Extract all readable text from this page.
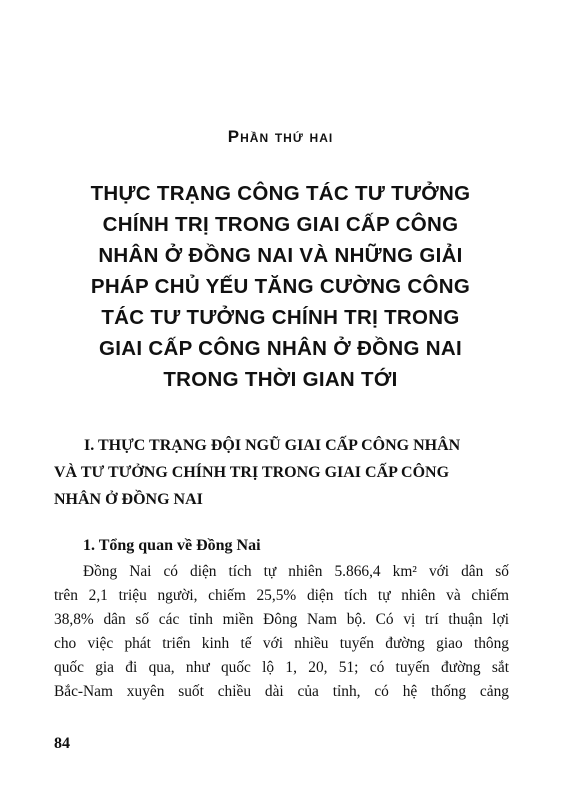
Phần thứ hai
THỰC TRẠNG CÔNG TÁC TƯ TƯỞNG
CHÍNH TRỊ TRONG GIAI CẤP CÔNG
NHÂN Ở ĐỒNG NAI VÀ NHỮNG GIẢI
PHÁP CHỦ YẾU TĂNG CƯỜNG CÔNG
TÁC TƯ TƯỞNG CHÍNH TRỊ TRONG
GIAI CẤP CÔNG NHÂN Ở ĐỒNG NAI
TRONG THỜI GIAN TỚI
I. THỰC TRẠNG ĐỘI NGŨ GIAI CẤP CÔNG NHÂN
VÀ TƯ TƯỞNG CHÍNH TRỊ TRONG GIAI CẤP CÔNG
NHÂN Ở ĐỒNG NAI
1. Tổng quan về Đồng Nai
Đồng Nai có diện tích tự nhiên 5.866,4 km² với dân số
trên 2,1 triệu người, chiếm 25,5% diện tích tự nhiên và chiếm
38,8% dân số các tỉnh miền Đông Nam bộ. Có vị trí thuận lợi
cho việc phát triển kinh tế với nhiều tuyến đường giao thông
quốc gia đi qua, như quốc lộ 1, 20, 51; có tuyến đường sắt
Bắc-Nam xuyên suốt chiều dài của tỉnh, có hệ thống cảng
84
